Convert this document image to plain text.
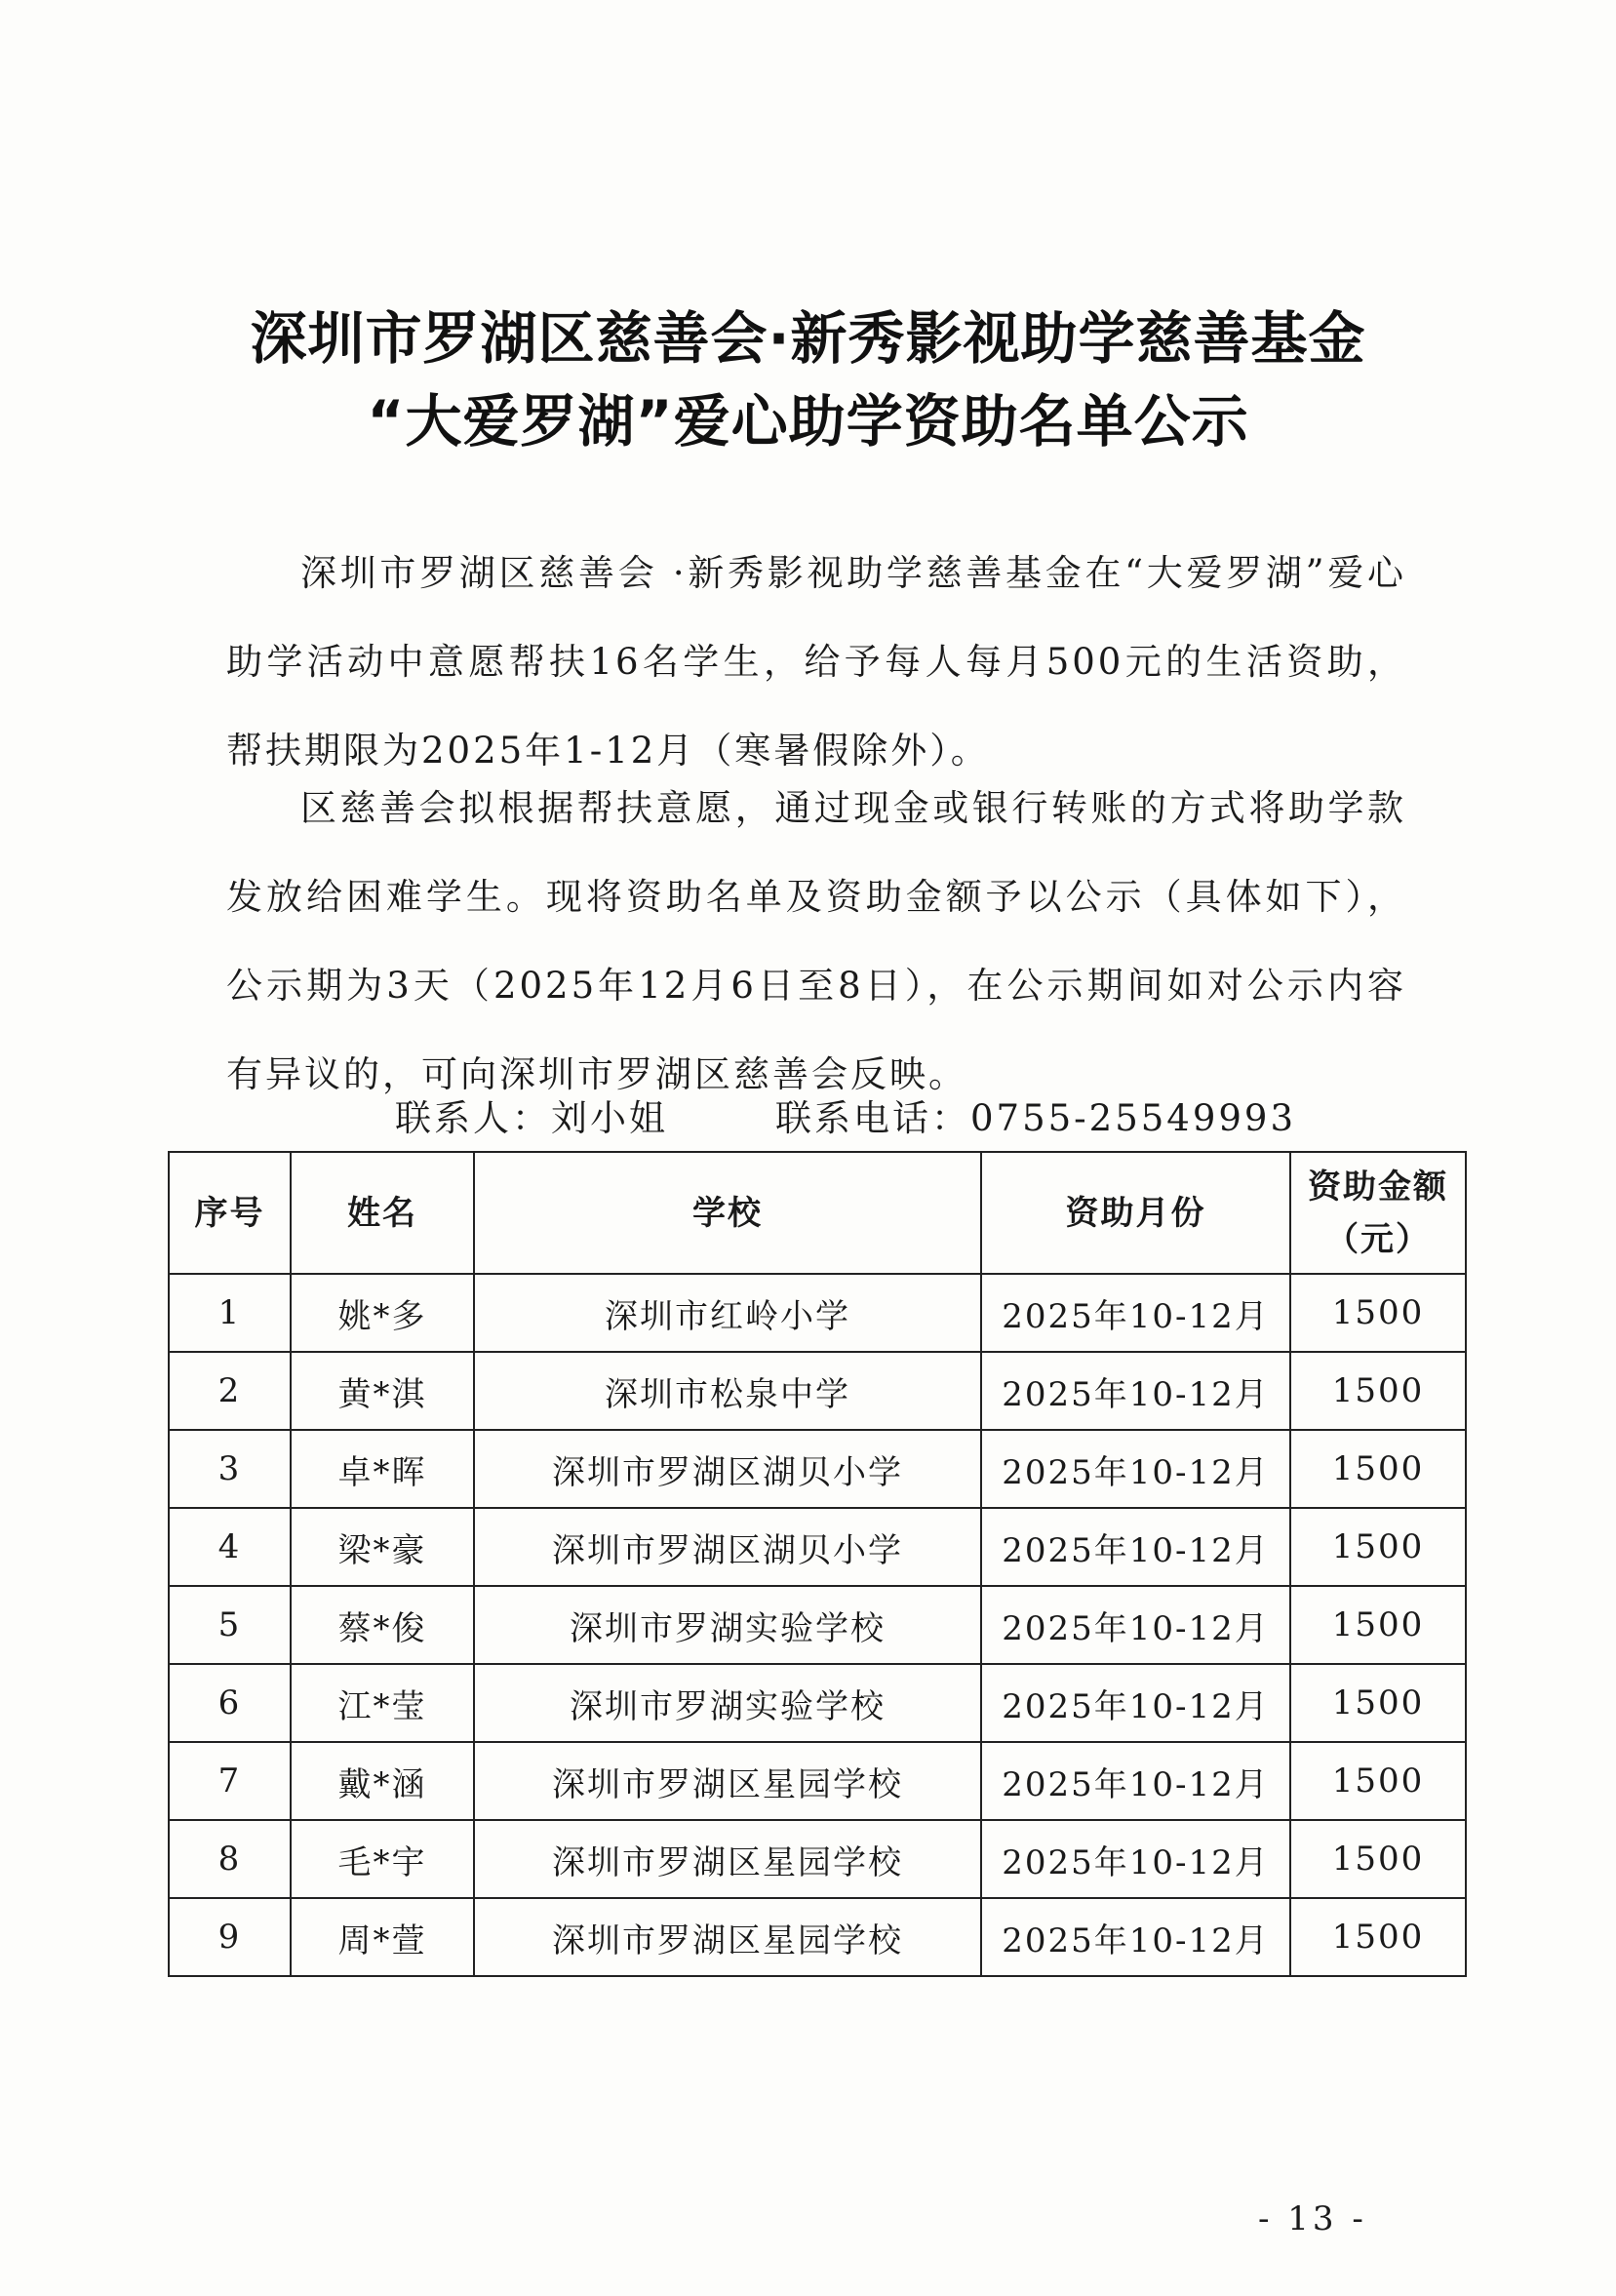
深圳市罗湖区慈善会·新秀影视助学慈善基金
“大爱罗湖”爱心助学资助名单公示

深圳市罗湖区慈善会 ·新秀影视助学慈善基金在“大爱罗湖”爱心助学活动中意愿帮扶16名学生，给予每人每月500元的生活资助，帮扶期限为2025年1-12月（寒暑假除外）。

区慈善会拟根据帮扶意愿，通过现金或银行转账的方式将助学款发放给困难学生。现将资助名单及资助金额予以公示（具体如下），公示期为3天（2025年12月6日至8日），在公示期间如对公示内容有异议的，可向深圳市罗湖区慈善会反映。

联系人：刘小姐	联系电话：0755-25549993
序号	姓名	学校	资助月份	资助金额
（元）

1	姚*多	深圳市红岭小学	2025年10-12月	1500
2	黄*淇	深圳市松泉中学	2025年10-12月	1500
3	卓*晖	深圳市罗湖区湖贝小学	2025年10-12月	1500
4	梁*豪	深圳市罗湖区湖贝小学	2025年10-12月	1500
5	蔡*俊	深圳市罗湖实验学校	2025年10-12月	1500
6	江*莹	深圳市罗湖实验学校	2025年10-12月	1500
7	戴*涵	深圳市罗湖区星园学校	2025年10-12月	1500
8	毛*宇	深圳市罗湖区星园学校	2025年10-12月	1500
9	周*萱	深圳市罗湖区星园学校	2025年10-12月	1500
- 13 -
